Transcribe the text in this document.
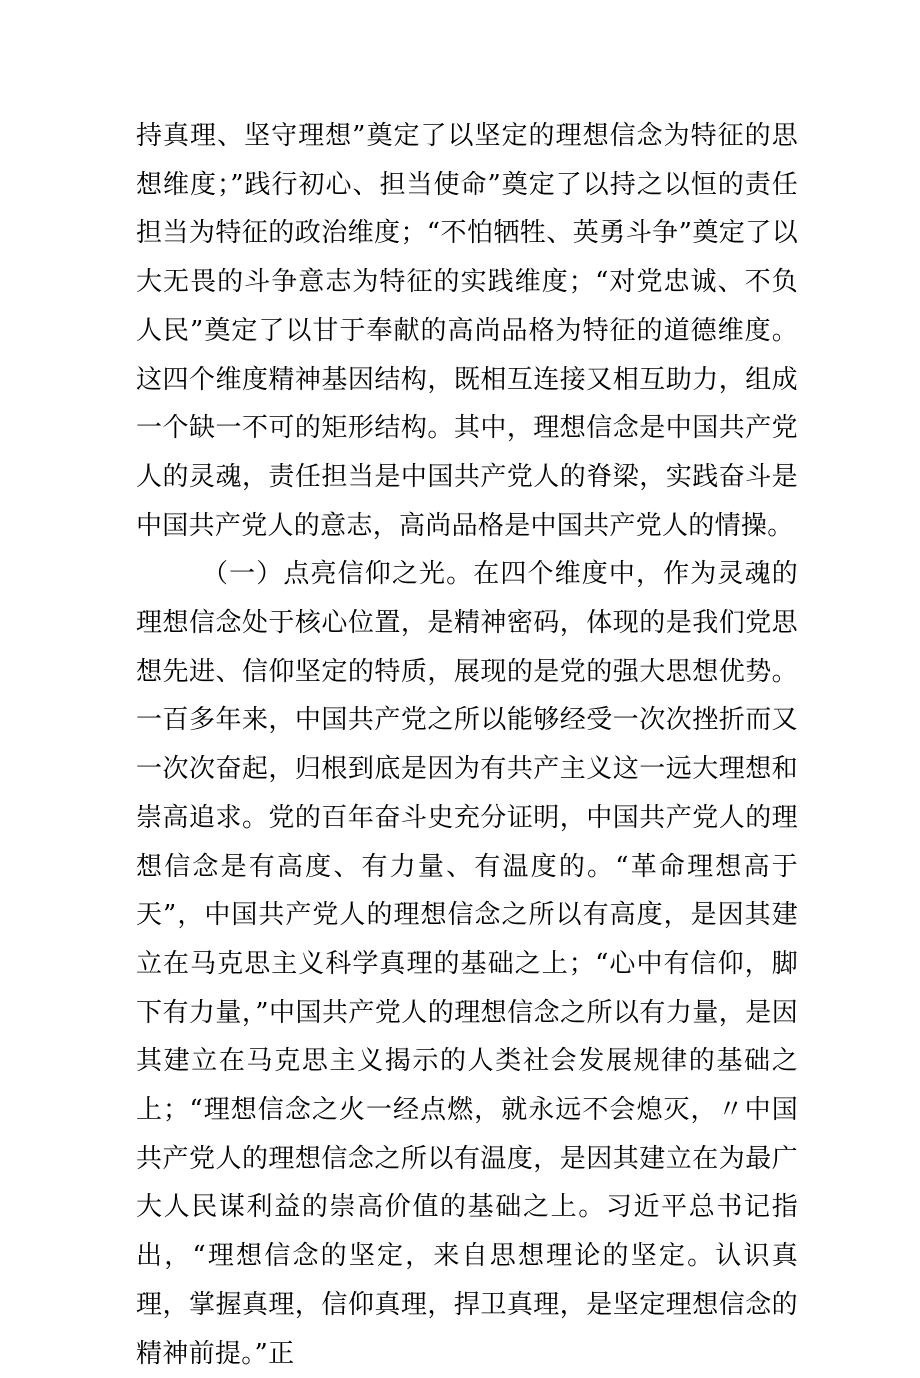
持真理、坚守理想”奠定了以坚定的理想信念为特征的思想维度；”践行初心、担当使命”奠定了以持之以恒的责任担当为特征的政治维度；“不怕牺牲、英勇斗争”奠定了以大无畏的斗争意志为特征的实践维度；“对党忠诚、不负人民”奠定了以甘于奉献的高尚品格为特征的道德维度。这四个维度精神基因结构，既相互连接又相互助力，组成一个缺一不可的矩形结构。其中，理想信念是中国共产党人的灵魂，责任担当是中国共产党人的脊梁，实践奋斗是中国共产党人的意志，高尚品格是中国共产党人的情操。

（一）点亮信仰之光。在四个维度中，作为灵魂的理想信念处于核心位置，是精神密码，体现的是我们党思想先进、信仰坚定的特质，展现的是党的强大思想优势。一百多年来，中国共产党之所以能够经受一次次挫折而又一次次奋起，归根到底是因为有共产主义这一远大理想和崇高追求。党的百年奋斗史充分证明，中国共产党人的理想信念是有高度、有力量、有温度的。“革命理想高于天”，中国共产党人的理想信念之所以有高度，是因其建立在马克思主义科学真理的基础之上；“心中有信仰，脚下有力量，”中国共产党人的理想信念之所以有力量，是因其建立在马克思主义揭示的人类社会发展规律的基础之上；“理想信念之火一经点燃，就永远不会熄灭，〃中国共产党人的理想信念之所以有温度，是因其建立在为最广大人民谋利益的崇高价值的基础之上。习近平总书记指出，“理想信念的坚定，来自思想理论的坚定。认识真理，掌握真理，信仰真理，捍卫真理，是坚定理想信念的精神前提。”正
